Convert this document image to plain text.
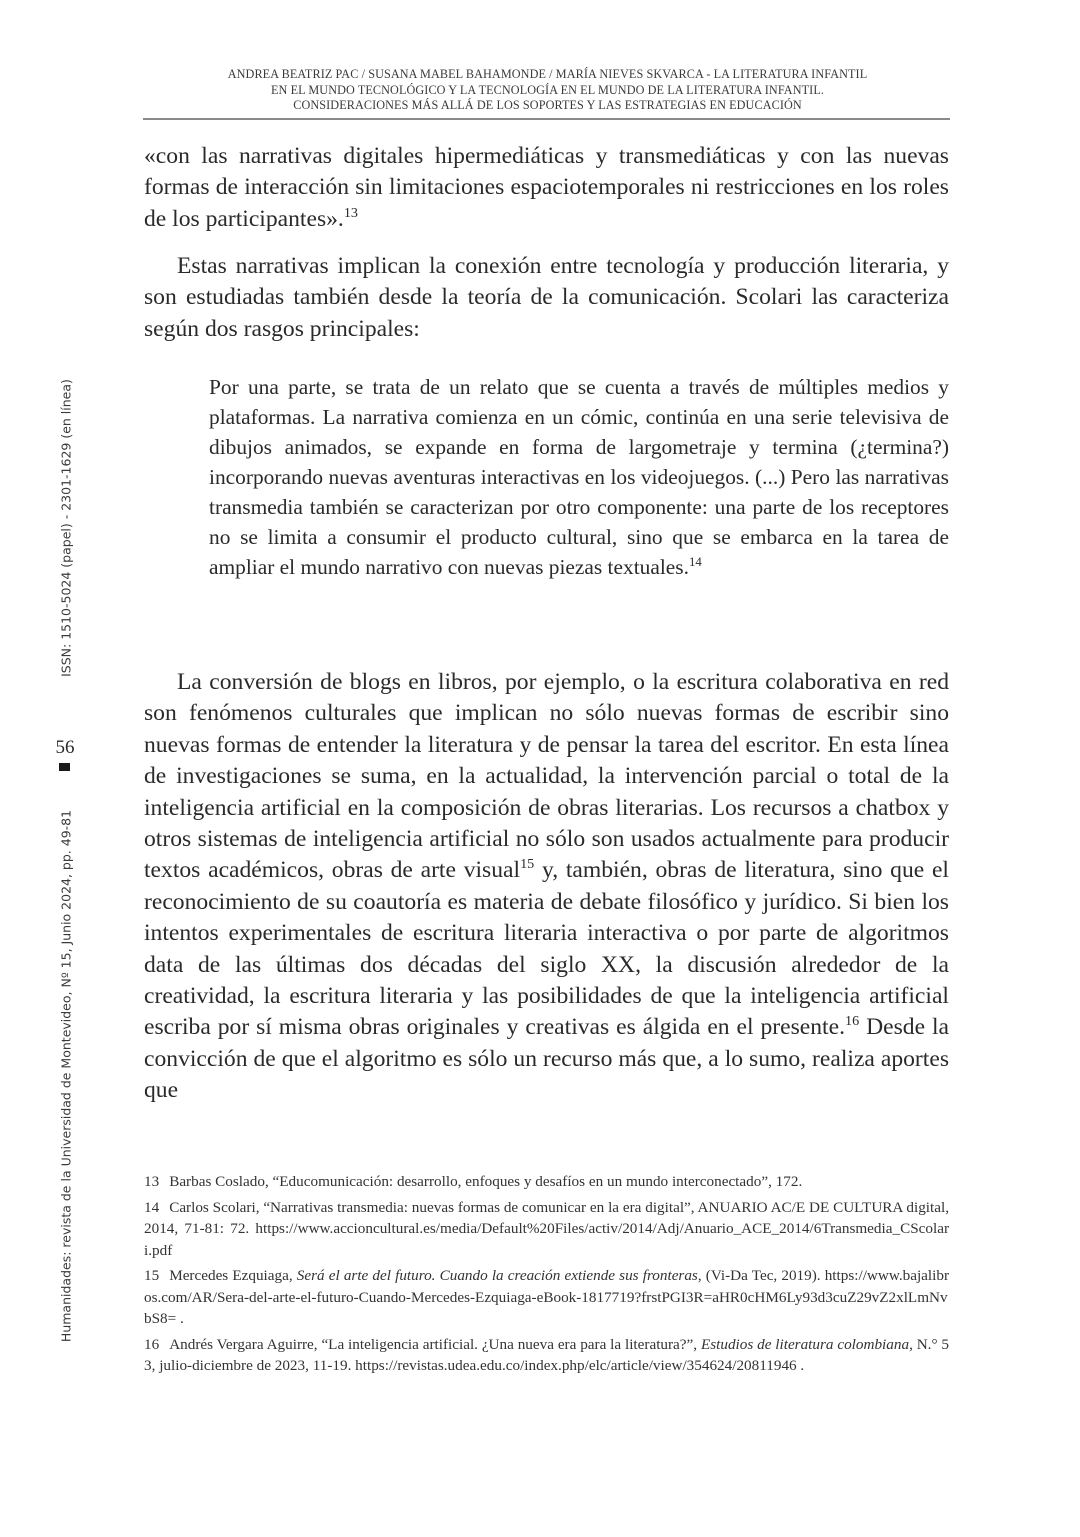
ANDREA BEATRIZ PAC / SUSANA MABEL BAHAMONDE / MARÍA NIEVES SKVARCA - LA LITERATURA INFANTIL
EN EL MUNDO TECNOLÓGICO Y LA TECNOLOGÍA EN EL MUNDO DE LA LITERATURA INFANTIL.
CONSIDERACIONES MÁS ALLÁ DE LOS SOPORTES Y LAS ESTRATEGIAS EN EDUCACIÓN
ISSN: 1510-5024 (papel) - 2301-1629 (en línea)
56
Humanidades: revista de la Universidad de Montevideo, Nº 15, Junio 2024, pp. 49-81

«con las narrativas digitales hipermediáticas y transmediáticas y con las nuevas formas de interacción sin limitaciones espaciotemporales ni restricciones en los roles de los participantes».$^{13}$

Estas narrativas implican la conexión entre tecnología y producción literaria, y son estudiadas también desde la teoría de la comunicación. Scolari las caracteriza según dos rasgos principales:

Por una parte, se trata de un relato que se cuenta a través de múltiples medios y plataformas. La narrativa comienza en un cómic, continúa en una serie televisiva de dibujos animados, se expande en forma de largometraje y termina (¿termina?) incorporando nuevas aventuras interactivas en los videojuegos. (...) Pero las narrativas transmedia también se caracterizan por otro componente: una parte de los receptores no se limita a consumir el producto cultural, sino que se embarca en la tarea de ampliar el mundo narrativo con nuevas piezas textuales.$^{14}$

La conversión de blogs en libros, por ejemplo, o la escritura colaborativa en red son fenómenos culturales que implican no sólo nuevas formas de escribir sino nuevas formas de entender la literatura y de pensar la tarea del escritor. En esta línea de investigaciones se suma, en la actualidad, la intervención parcial o total de la inteligencia artificial en la composición de obras literarias. Los recursos a chatbox y otros sistemas de inteligencia artificial no sólo son usados actualmente para producir textos académicos, obras de arte visual$^{15}$ y, también, obras de literatura, sino que el reconocimiento de su coautoría es materia de debate filosófico y jurídico. Si bien los intentos experimentales de escritura literaria interactiva o por parte de algoritmos data de las últimas dos décadas del siglo XX, la discusión alrededor de la creatividad, la escritura literaria y las posibilidades de que la inteligencia artificial escriba por sí misma obras originales y creativas es álgida en el presente.$^{16}$ Desde la convicción de que el algoritmo es sólo un recurso más que, a lo sumo, realiza aportes que

13 Barbas Coslado, “Educomunicación: desarrollo, enfoques y desafíos en un mundo interconectado”, 172.

14 Carlos Scolari, “Narrativas transmedia: nuevas formas de comunicar en la era digital”, ANUARIO AC/E DE CULTURA digital, 2014, 71-81: 72. https://www.accioncultural.es/media/Default%20Files/activ/2014/Adj/Anuario_ACE_2014/6Transmedia_CScolari.pdf

15 Mercedes Ezquiaga, Será el arte del futuro. Cuando la creación extiende sus fronteras, (Vi-Da Tec, 2019). https://www.bajalibros.com/AR/Sera-del-arte-el-futuro-Cuando-Mercedes-Ezquiaga-eBook-1817719?frstPGI3R=aHR0cHM6Ly93d3cuZ29vZ2xlLmNvbS8= .

16 Andrés Vergara Aguirre, “La inteligencia artificial. ¿Una nueva era para la literatura?”, Estudios de literatura colombiana, N.° 53, julio-diciembre de 2023, 11-19. https://revistas.udea.edu.co/index.php/elc/article/view/354624/20811946 .
